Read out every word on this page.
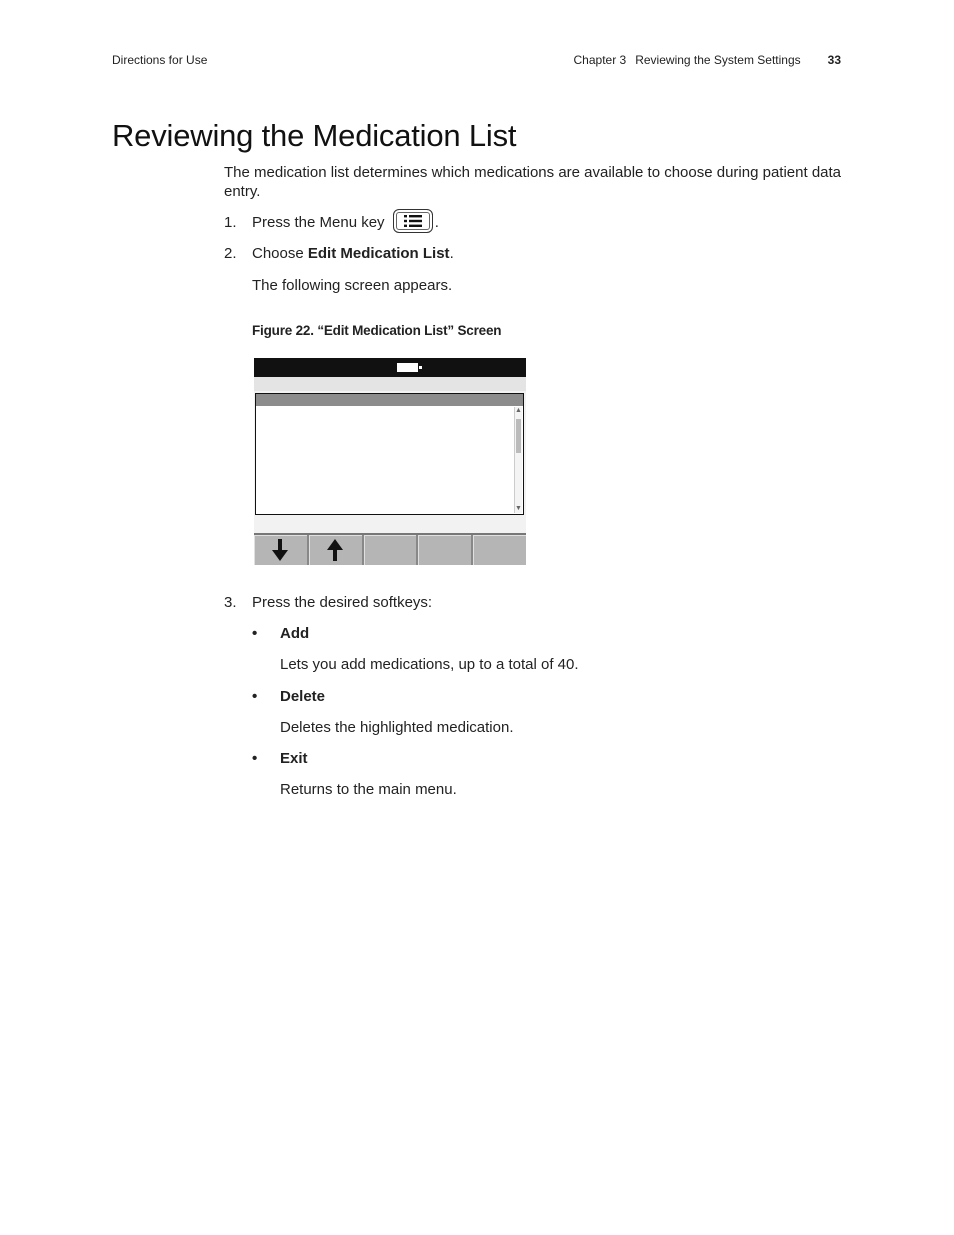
Directions for Use	Chapter 3 Reviewing the System Settings 33
Reviewing the Medication List
The medication list determines which medications are available to choose during patient data entry.
1.	Press the Menu key	.
2.	Choose Edit Medication List.
The following screen appears.
Figure 22. “Edit Medication List” Screen
▲
▼
3.	Press the desired softkeys:
•	Add
Lets you add medications, up to a total of 40.
•	Delete
Deletes the highlighted medication.
•	Exit
Returns to the main menu.
